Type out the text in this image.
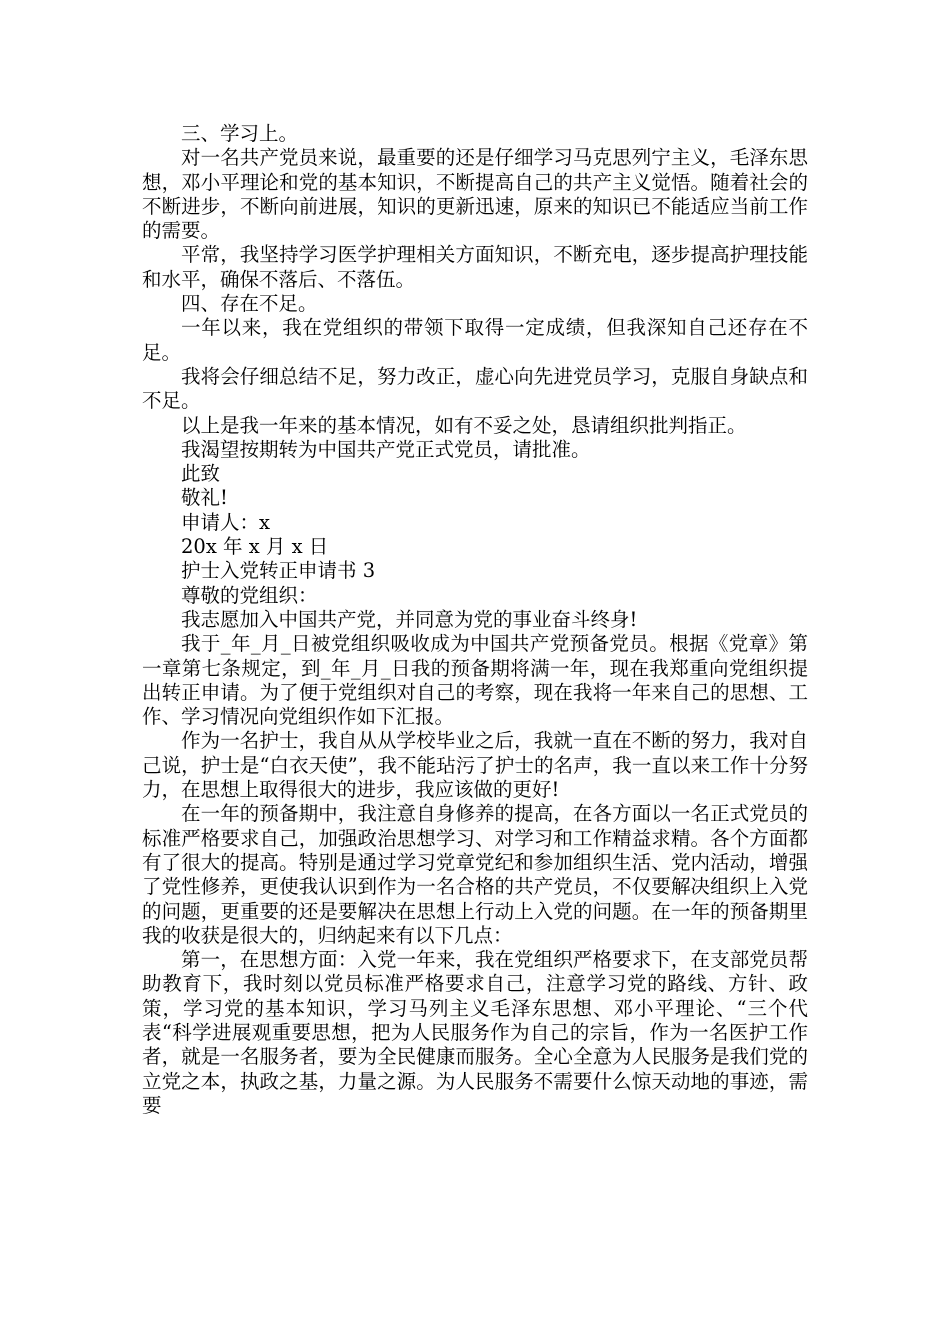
三、学习上。

对一名共产党员来说，最重要的还是仔细学习马克思列宁主义，毛泽东思想，邓小平理论和党的基本知识，不断提高自己的共产主义觉悟。随着社会的不断进步，不断向前进展，知识的更新迅速，原来的知识已不能适应当前工作的需要。

平常，我坚持学习医学护理相关方面知识，不断充电，逐步提高护理技能和水平，确保不落后、不落伍。

四、存在不足。

一年以来，我在党组织的带领下取得一定成绩，但我深知自己还存在不足。

我将会仔细总结不足，努力改正，虚心向先进党员学习，克服自身缺点和不足。

以上是我一年来的基本情况，如有不妥之处，恳请组织批判指正。

我渴望按期转为中国共产党正式党员，请批准。

此致

敬礼!

申请人：x

20x 年 x 月 x 日

护士入党转正申请书 3

尊敬的党组织：

我志愿加入中国共产党，并同意为党的事业奋斗终身!

我于_年_月_日被党组织吸收成为中国共产党预备党员。根据《党章》第一章第七条规定，到_年_月_日我的预备期将满一年，现在我郑重向党组织提出转正申请。为了便于党组织对自己的考察，现在我将一年来自己的思想、工作、学习情况向党组织作如下汇报。

作为一名护士，我自从从学校毕业之后，我就一直在不断的努力，我对自己说，护士是“白衣天使”，我不能玷污了护士的名声，我一直以来工作十分努力，在思想上取得很大的进步，我应该做的更好!

在一年的预备期中，我注意自身修养的提高，在各方面以一名正式党员的标准严格要求自己，加强政治思想学习、对学习和工作精益求精。各个方面都有了很大的提高。特别是通过学习党章党纪和参加组织生活、党内活动，增强了党性修养，更使我认识到作为一名合格的共产党员，不仅要解决组织上入党的问题，更重要的还是要解决在思想上行动上入党的问题。在一年的预备期里我的收获是很大的，归纳起来有以下几点：

第一，在思想方面：入党一年来，我在党组织严格要求下，在支部党员帮助教育下，我时刻以党员标准严格要求自己，注意学习党的路线、方针、政策，学习党的基本知识，学习马列主义毛泽东思想、邓小平理论、“三个代表“科学进展观重要思想，把为人民服务作为自己的宗旨，作为一名医护工作者，就是一名服务者，要为全民健康而服务。全心全意为人民服务是我们党的立党之本，执政之基，力量之源。为人民服务不需要什么惊天动地的事迹，需要
